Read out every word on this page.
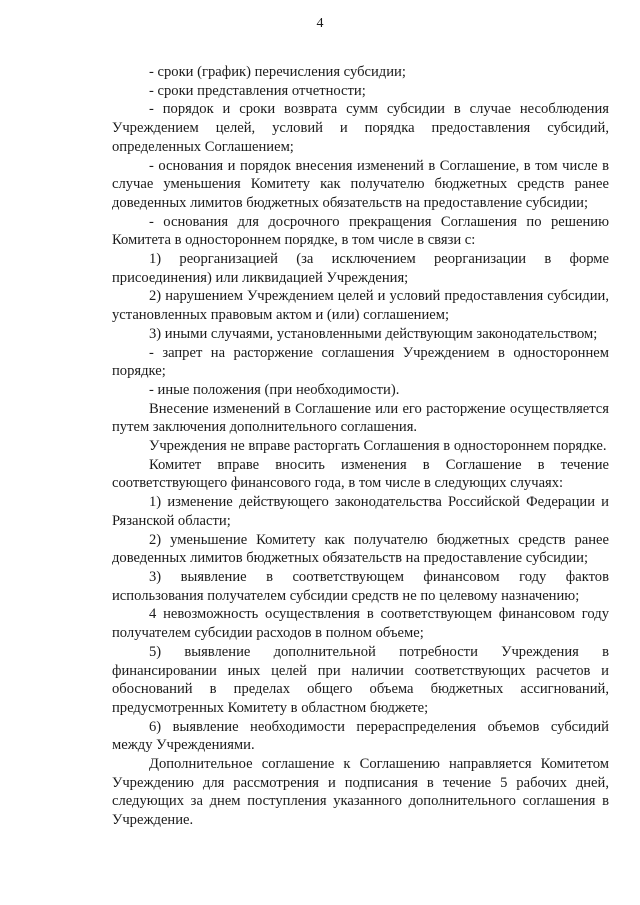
4

- сроки (график) перечисления субсидии;

- сроки представления отчетности;

- порядок и сроки возврата сумм субсидии в случае несоблюдения Учреждением целей, условий и порядка предоставления субсидий, определенных Соглашением;

- основания и порядок внесения изменений в Соглашение, в том числе в случае уменьшения Комитету как получателю бюджетных средств ранее доведенных лимитов бюджетных обязательств на предоставление субсидии;

- основания для досрочного прекращения Соглашения по решению Комитета в одностороннем порядке, в том числе в связи с:

1) реорганизацией (за исключением реорганизации в форме присоединения) или ликвидацией Учреждения;

2) нарушением Учреждением целей и условий предоставления субсидии, установленных правовым актом и (или) соглашением;

3) иными случаями, установленными действующим законодательством;

- запрет на расторжение соглашения Учреждением в одностороннем порядке;

- иные положения (при необходимости).

Внесение изменений в Соглашение или его расторжение осуществляется путем заключения дополнительного соглашения.

Учреждения не вправе расторгать Соглашения в одностороннем порядке.

Комитет вправе вносить изменения в Соглашение в течение соответствующего финансового года, в том числе в следующих случаях:

1) изменение действующего законодательства Российской Федерации и Рязанской области;

2) уменьшение Комитету как получателю бюджетных средств ранее доведенных лимитов бюджетных обязательств на предоставление субсидии;

3) выявление в соответствующем финансовом году фактов использования получателем субсидии средств не по целевому назначению;

4 невозможность осуществления в соответствующем финансовом году получателем субсидии расходов в полном объеме;

5) выявление дополнительной потребности Учреждения в финансировании иных целей при наличии соответствующих расчетов и обоснований в пределах общего объема бюджетных ассигнований, предусмотренных Комитету в областном бюджете;

6) выявление необходимости перераспределения объемов субсидий между Учреждениями.

Дополнительное соглашение к Соглашению направляется Комитетом Учреждению для рассмотрения и подписания в течение 5 рабочих дней, следующих за днем поступления указанного дополнительного соглашения в Учреждение.
